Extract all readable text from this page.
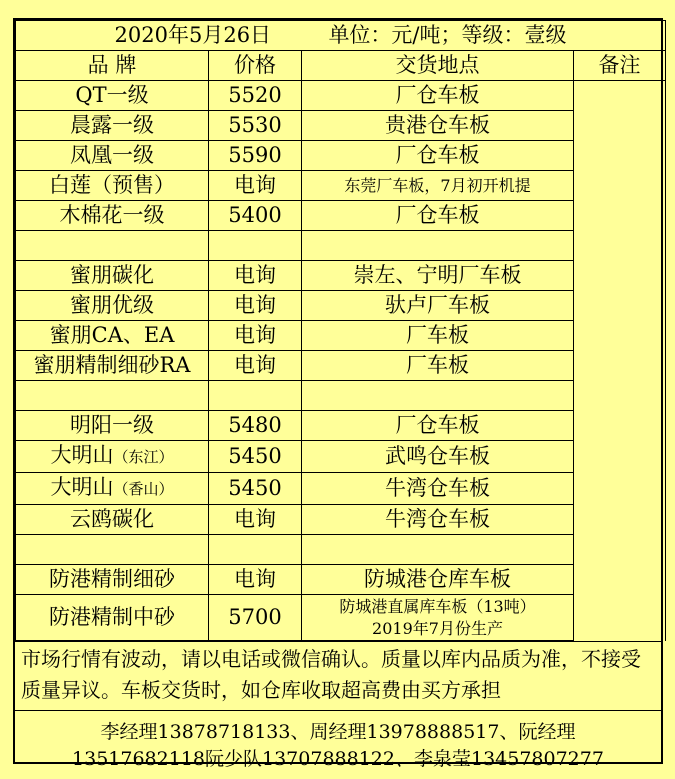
2020年5月26日 单位：元/吨；等级：壹级			
品 牌	价格	交货地点	备注
QT一级	5520	厂仓车板	
晨露一级	5530	贵港仓车板	
凤凰一级	5590	厂仓车板	
白莲（预售）	电询	东莞厂车板，7月初开机提	
木棉花一级	5400	厂仓车板	

蜜朋碳化	电询	崇左、宁明厂车板	
蜜朋优级	电询	驮卢厂车板	
蜜朋CA、EA	电询	厂车板	
蜜朋精制细砂RA	电询	厂车板	

明阳一级	5480	厂仓车板	
大明山（东江）	5450	武鸣仓车板	
大明山（香山）	5450	牛湾仓车板	
云鸥碳化	电询	牛湾仓车板	

防港精制细砂	电询	防城港仓库车板	
防港精制中砂	5700	防城港直属库车板（13吨）
2019年7月份生产	
市场行情有波动，请以电话或微信确认。质量以库内品质为准，不接受质量异议。车板交货时，如仓库收取超高费由买方承担
李经理13878718133、周经理13978888517、阮经理
13517682118阮少队13707888122、李泉莹13457807277
